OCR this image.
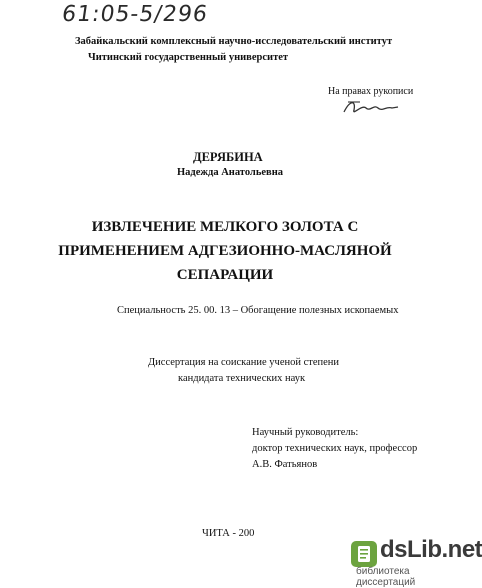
61:05-5/296
Забайкальский комплексный научно-исследовательский институт
Читинский государственный университет
На правах рукописи
ДЕРЯБИНА
Надежда Анатольевна
ИЗВЛЕЧЕНИЕ МЕЛКОГО ЗОЛОТА С
ПРИМЕНЕНИЕМ АДГЕЗИОННО-МАСЛЯНОЙ
СЕПАРАЦИИ
Специальность 25. 00. 13 – Обогащение полезных ископаемых
Диссертация на соискание ученой степени
кандидата технических наук
Научный руководитель:
доктор технических наук, профессор
А.В. Фатьянов
ЧИТА - 200
dsLib.net
библиотека диссертаций
